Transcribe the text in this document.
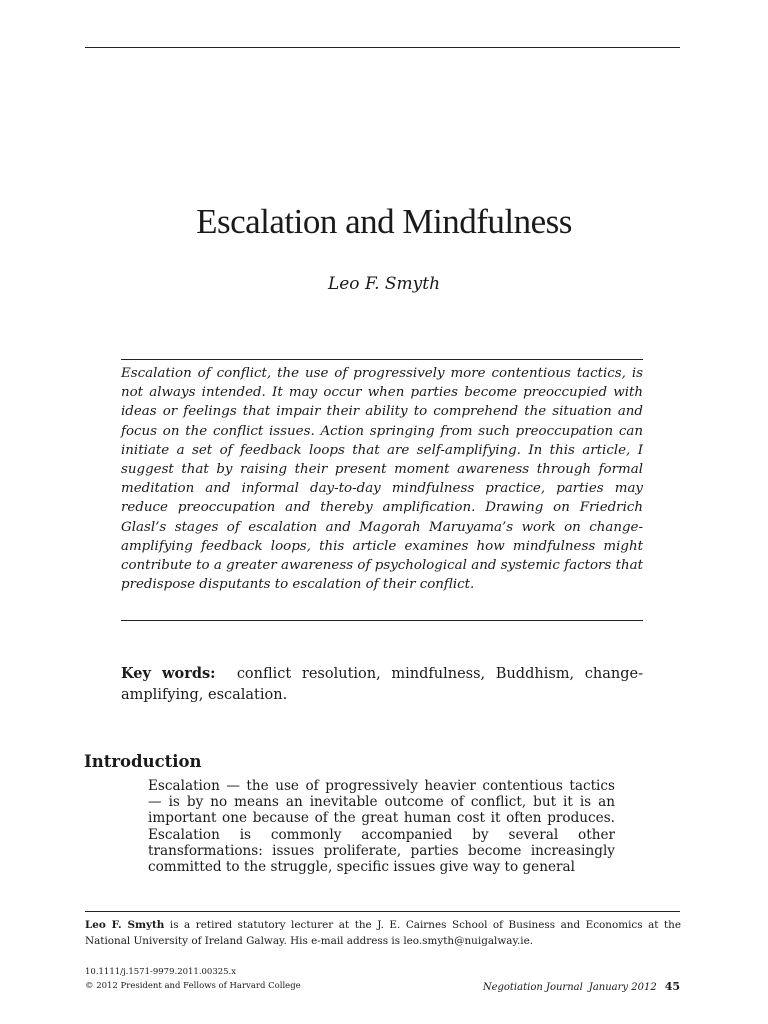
Escalation and Mindfulness
Leo F. Smyth

Escalation of conflict, the use of progressively more contentious tactics, is not always intended. It may occur when parties become preoccupied with ideas or feelings that impair their ability to comprehend the situation and focus on the conflict issues. Action springing from such preoccupation can initiate a set of feedback loops that are self-amplifying. In this article, I suggest that by raising their present moment awareness through formal meditation and informal day-to-day mindfulness practice, parties may reduce preoccupation and thereby amplification. Drawing on Friedrich Glasl’s stages of escalation and Magorah Maruyama’s work on change-amplifying feedback loops, this article examines how mindfulness might contribute to a greater awareness of psychological and systemic factors that predispose disputants to escalation of their conflict.

Key words: conflict resolution, mindfulness, Buddhism, change-amplifying, escalation.

Introduction

Escalation — the use of progressively heavier contentious tactics — is by no means an inevitable outcome of conflict, but it is an important one because of the great human cost it often produces. Escalation is commonly accompanied by several other transformations: issues proliferate, parties become increasingly committed to the struggle, specific issues give way to general

Leo F. Smyth is a retired statutory lecturer at the J. E. Cairnes School of Business and Economics at the National University of Ireland Galway. His e-mail address is leo.smyth@nuigalway.ie.

10.1111/j.1571-9979.2011.00325.x
© 2012 President and Fellows of Harvard College	Negotiation Journal January 2012 45
